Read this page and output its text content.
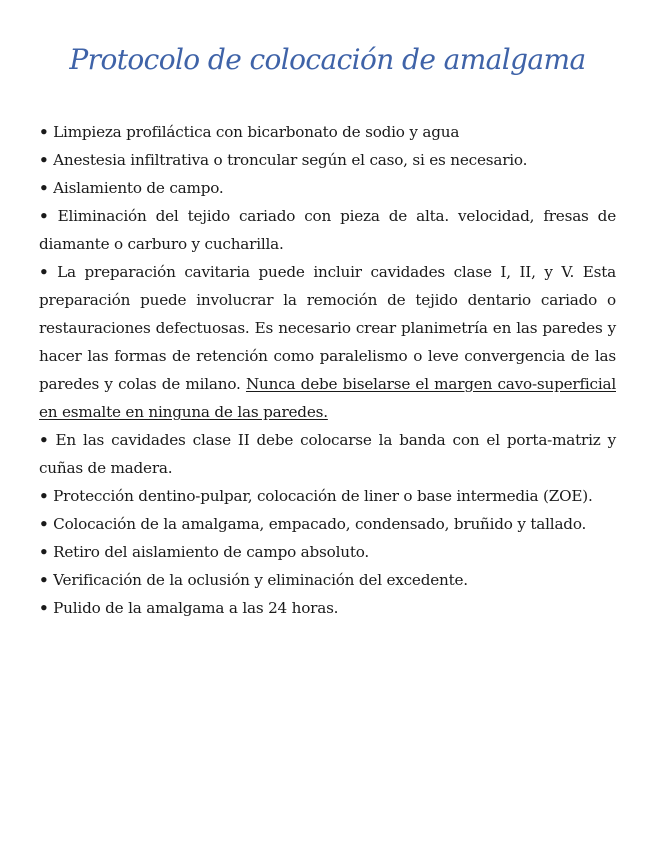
Protocolo de colocación de amalgama

• Limpieza profiláctica con bicarbonato de sodio y agua

• Anestesia infiltrativa o troncular según el caso, si es necesario.

• Aislamiento de campo.

• Eliminación del tejido cariado con pieza de alta. velocidad, fresas de diamante o carburo y cucharilla.

• La preparación cavitaria puede incluir cavidades clase I, II, y V. Esta preparación puede involucrar la remoción de tejido dentario cariado o restauraciones defectuosas. Es necesario crear planimetría en las paredes y hacer las formas de retención como paralelismo o leve convergencia de las paredes y colas de milano. Nunca debe biselarse el margen cavo-superficial en esmalte en ninguna de las paredes.

• En las cavidades clase II debe colocarse la banda con el porta-matriz y cuñas de madera.

• Protección dentino-pulpar, colocación de liner o base intermedia (ZOE).

• Colocación de la amalgama, empacado, condensado, bruñido y tallado.

• Retiro del aislamiento de campo absoluto.

• Verificación de la oclusión y eliminación del excedente.

• Pulido de la amalgama a las 24 horas.
